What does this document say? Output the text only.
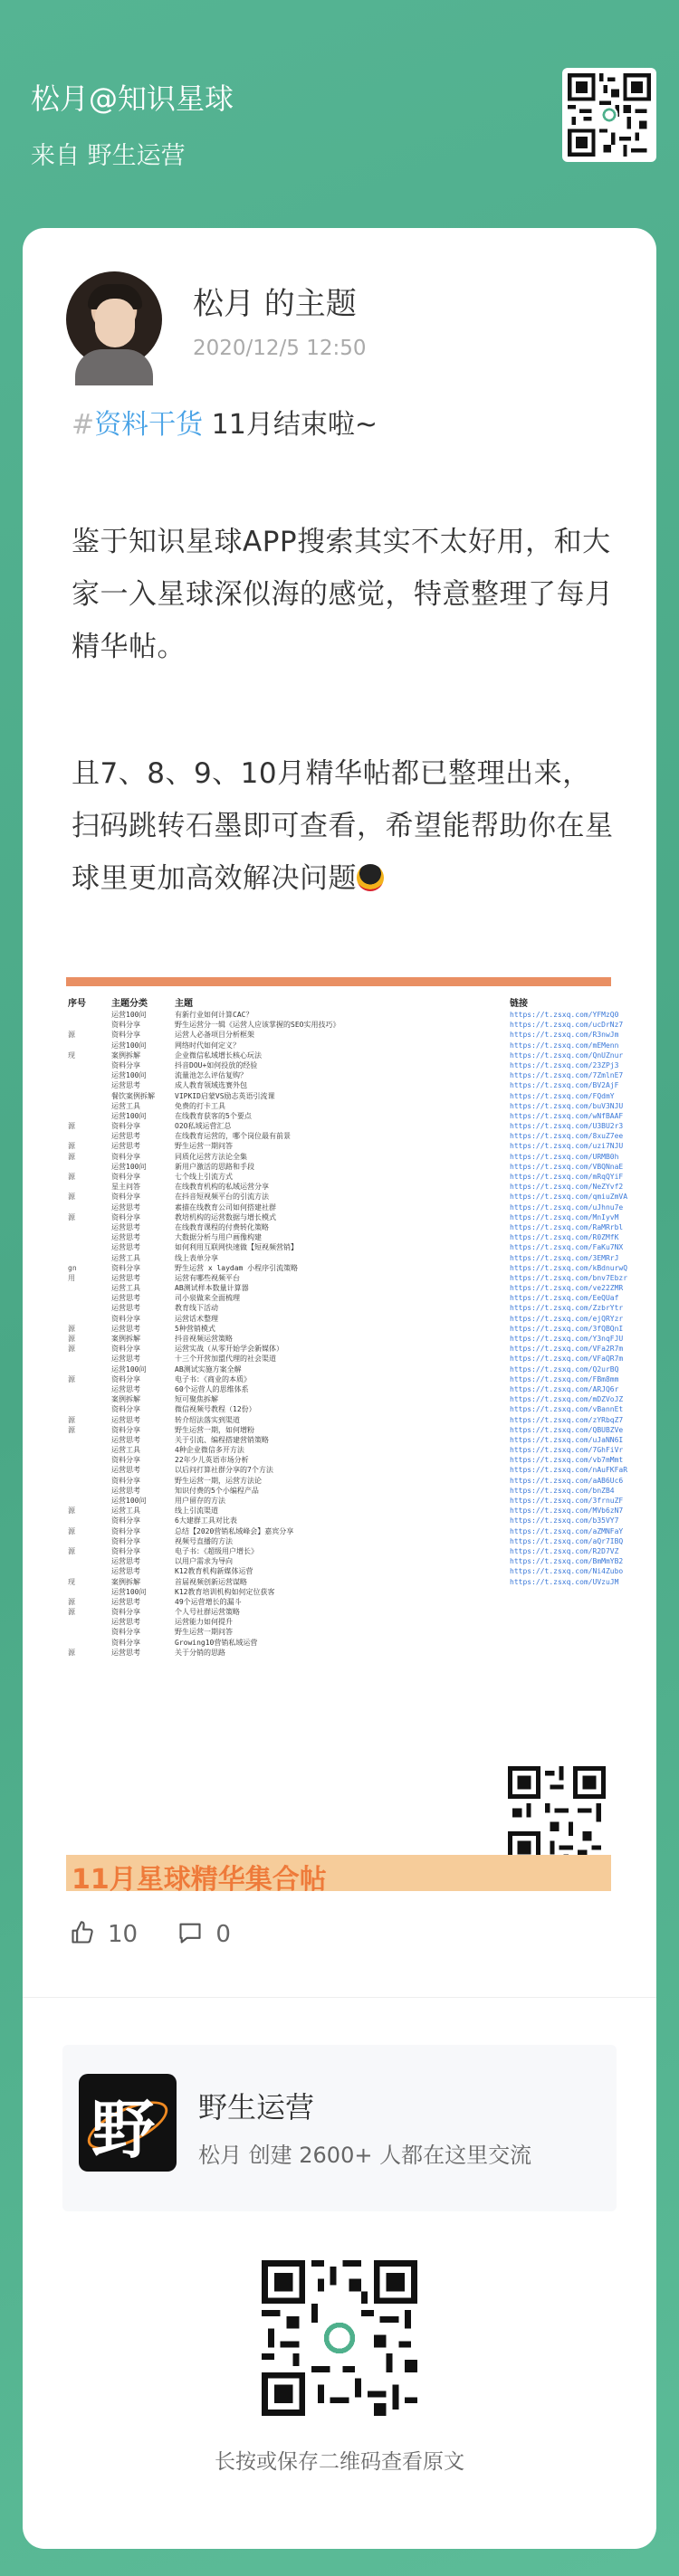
松月@知识星球
来自 野生运营
松月 的主题
2020/12/5 12:50
#资料干货 11月结束啦~
鉴于知识星球APP搜索其实不太好用，和大家一入星球深似海的感觉，特意整理了每月精华帖。
且7、8、9、10月精华帖都已整理出来，扫码跳转石墨即可查看，希望能帮助你在星球里更加高效解决问题
序号	主题分类	主题	链接
运营100问	有新行业如何计算CAC？	https://t.zsxq.com/YFMzQ0
资料分享	野生运营分一辑《运营人应该掌握的SEO实用技巧》	https://t.zsxq.com/ucDrNz7
源	资料分享	运营人必备项目分析框架	https://t.zsxq.com/R3nwJm
运营100问	网络时代如何定义？	https://t.zsxq.com/mEMenn
现	案例拆解	企业微信私域增长核心玩法	https://t.zsxq.com/QnUZnur
资料分享	抖音DOU+如何投放的经验	https://t.zsxq.com/23ZPj3
运营100问	流量池怎么评估复购？	https://t.zsxq.com/7ZmlnE7
运营思考	成人教育领域选赛外包	https://t.zsxq.com/BV2AjF
餐饮案例拆解	VIPKID启蒙VS励志英语引流课	https://t.zsxq.com/FQdmY
运营工具	免费的打卡工具	https://t.zsxq.com/buV3NJU
运营100问	在线教育获客的5个要点	https://t.zsxq.com/wNfBAAF
源	资料分享	O2O私域运营汇总	https://t.zsxq.com/U3BU2r3
运营思考	在线教育运营的，哪个岗位最有前景	https://t.zsxq.com/8xuZ7ee
源	运营思考	野生运营一期问答	https://t.zsxq.com/uzi7NJU
源	资料分享	同质化运营方法论全集	https://t.zsxq.com/URMB0h
运营100问	新用户激活的思路和手段	https://t.zsxq.com/VBQNnaE
源	资料分享	七个线上引流方式	https://t.zsxq.com/mRqQYiF
星主问答	在线教育机构的私域运营分享	https://t.zsxq.com/NeZYvf2
源	资料分享	在抖音短视频平台的引流方法	https://t.zsxq.com/qmiuZmVA
运营思考	素描在线教育公司如何搭建社群	https://t.zsxq.com/uJhnu7e
源	资料分享	教培机构的运营数据与增长模式	https://t.zsxq.com/MnIyvM
运营思考	在线教育课程的付费转化策略	https://t.zsxq.com/RaMRrbl
运营思考	大数据分析与用户画像构建	https://t.zsxq.com/R0ZMfK
运营思考	如何利用互联网快速做【短视频营销】	https://t.zsxq.com/FaKu7NX
运营工具	线上表单分享	https://t.zsxq.com/3EMRrJ
gn	资料分享	野生运营 x laydam 小程序引流策略	https://t.zsxq.com/kBdnurwQ
用	运营思考	运营有哪些视频平台	https://t.zsxq.com/bnv7Ebzr
运营工具	AB测试样本数量计算器	https://t.zsxq.com/ve22ZMR
运营思考	司小泉做来全面梳理	https://t.zsxq.com/EeQUaf
运营思考	教育线下活动	https://t.zsxq.com/ZzbrYtr
资料分享	运营话术整理	https://t.zsxq.com/ejQRYzr
源	运营思考	5种营销模式	https://t.zsxq.com/3fQBQnI
源	案例拆解	抖音视频运营策略	https://t.zsxq.com/Y3nqFJU
源	资料分享	运营实战（从零开始学会新媒体）	https://t.zsxq.com/VFa2R7m
运营思考	十三个开营加盟代理的社会渠道	https://t.zsxq.com/VFaQR7m
运营100问	AB测试实施方案全解	https://t.zsxq.com/Q2urBQ
源	资料分享	电子书：《商业的本质》	https://t.zsxq.com/FBm8mm
运营思考	60个运营人的思维体系	https://t.zsxq.com/ARJQ6r
案例拆解	短可聚焦拆解	https://t.zsxq.com/mDZVoJZ
资料分享	微信视频号教程（12份）	https://t.zsxq.com/vBannEt
源	运营思考	转介绍法落实到渠道	https://t.zsxq.com/zYRbqZ7
源	资料分享	野生运营一期，如何增粉	https://t.zsxq.com/QBUBZVe
运营思考	关于引流、编程搭建营销策略	https://t.zsxq.com/uJaNN6I
运营工具	4种企业微信多开方法	https://t.zsxq.com/7GhFiVr
资料分享	22年少儿英语市场分析	https://t.zsxq.com/vb7mMmt
运营思考	以后问打算社群分享的7个方法	https://t.zsxq.com/nAuFKFaR
资料分享	野生运营一期，运营方法论	https://t.zsxq.com/aAB6Uc6
运营思考	知识付费的5个小编程产品	https://t.zsxq.com/bnZB4
运营100问	用户留存的方法	https://t.zsxq.com/3frnuZF
源	运营工具	线上引流渠道	https://t.zsxq.com/MVb6zN7
资料分享	6大建群工具对比表	https://t.zsxq.com/b35VY7
源	资料分享	总结【2020营销私域峰会】嘉宾分享	https://t.zsxq.com/aZMNFaY
资料分享	视频号直播的方法	https://t.zsxq.com/aQr7IBQ
源	资料分享	电子书：《超级用户增长》	https://t.zsxq.com/R2D7VZ
运营思考	以用户需求为导向	https://t.zsxq.com/BmMmYB2
运营思考	K12教育机构新媒体运营	https://t.zsxq.com/Ni4Zubo
现	案例拆解	首届视频创新运营谋略	https://t.zsxq.com/UVzuJM
运营100问	K12教育培训机构如何定位获客
源	运营思考	49个运营增长的漏斗
源	资料分享	个人号社群运营策略
运营思考	运营能力如何提升
资料分享	野生运营一期问答
资料分享	Growing10营销私域运营
源	运营思考	关于分销的思路
11月星球精华集合帖
10	0
野 野生运营
松月 创建 2600+ 人都在这里交流
长按或保存二维码查看原文
